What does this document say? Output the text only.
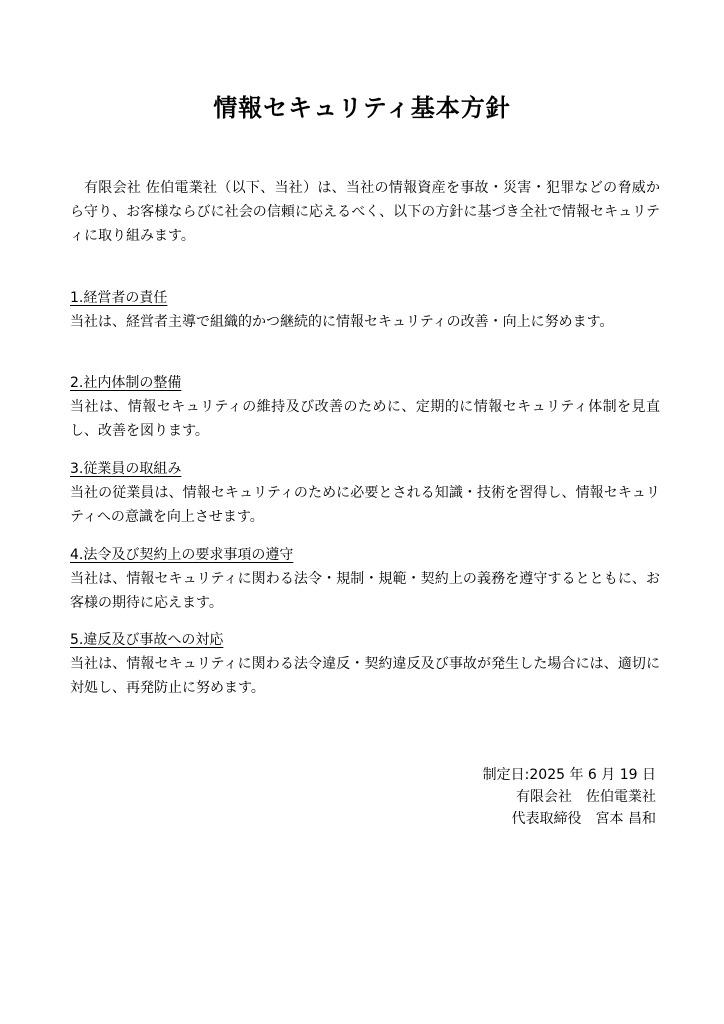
情報セキュリティ基本方針
有限会社 佐伯電業社（以下、当社）は、当社の情報資産を事故・災害・犯罪などの脅威から守り、お客様ならびに社会の信頼に応えるべく、以下の方針に基づき全社で情報セキュリティに取り組みます。
1.経営者の責任
当社は、経営者主導で組織的かつ継続的に情報セキュリティの改善・向上に努めます。
2.社内体制の整備
当社は、情報セキュリティの維持及び改善のために、定期的に情報セキュリティ体制を見直し、改善を図ります。
3.従業員の取組み
当社の従業員は、情報セキュリティのために必要とされる知識・技術を習得し、情報セキュリティへの意識を向上させます。
4.法令及び契約上の要求事項の遵守
当社は、情報セキュリティに関わる法令・規制・規範・契約上の義務を遵守するとともに、お客様の期待に応えます。
5.違反及び事故への対応
当社は、情報セキュリティに関わる法令違反・契約違反及び事故が発生した場合には、適切に対処し、再発防止に努めます。
制定日:2025 年 6 月 19 日
有限会社　佐伯電業社
代表取締役　宮本 昌和
